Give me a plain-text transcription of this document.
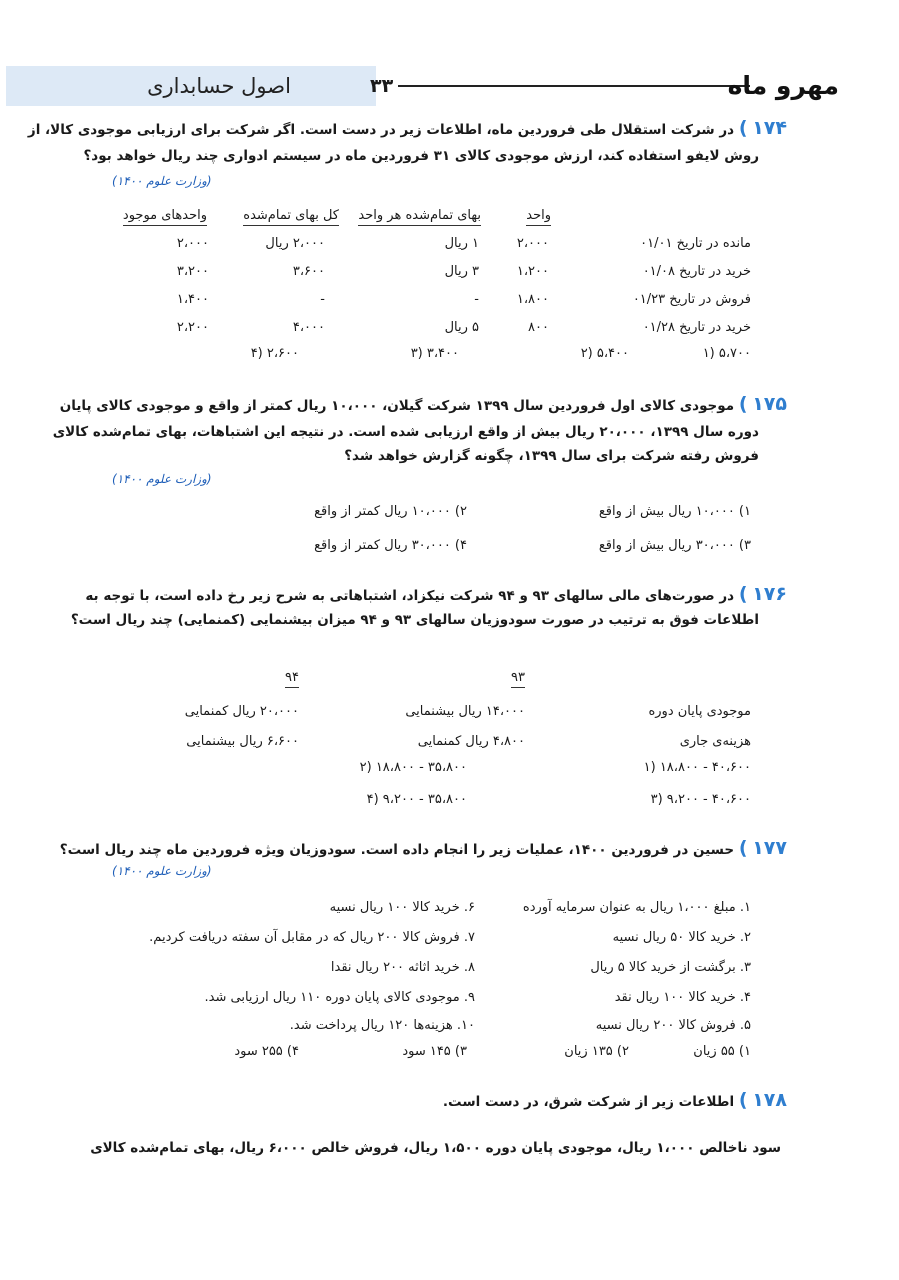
اصول حسابداری	۳۳	مهرو ماه
۱۷۴ ) در شرکت استقلال طی فروردین ماه، اطلاعات زیر در دست است. اگر شرکت برای ارزیابی موجودی کالا، از
روش لایفو استفاده کند، ارزش موجودی کالای ۳۱ فروردین ماه در سیستم ادواری چند ریال خواهد بود؟
(وزارت علوم ۱۴۰۰)
واحد
بهای تمام‌شده هر واحد
کل بهای تمام‌شده
واحدهای موجود
مانده در تاریخ ۰۱/۰۱
۲،۰۰۰
۱ ریال
۲،۰۰۰ ریال
۲،۰۰۰
خرید در تاریخ ۰۱/۰۸
۱،۲۰۰
۳ ریال
۳،۶۰۰
۳،۲۰۰
فروش در تاریخ ۰۱/۲۳
۱،۸۰۰
-
-
۱،۴۰۰
خرید در تاریخ ۰۱/۲۸
۸۰۰
۵ ریال
۴،۰۰۰
۲،۲۰۰
۱) ۵،۷۰۰
۲) ۵،۴۰۰
۳) ۳،۴۰۰
۴) ۲،۶۰۰
۱۷۵ ) موجودی کالای اول فروردین سال ۱۳۹۹ شرکت گیلان، ۱۰،۰۰۰ ریال کمتر از واقع و موجودی کالای پایان
دوره سال ۱۳۹۹، ۲۰،۰۰۰ ریال بیش از واقع ارزیابی شده است. در نتیجه این اشتباهات، بهای تمام‌شده کالای
فروش رفته شرکت برای سال ۱۳۹۹، چگونه گزارش خواهد شد؟
(وزارت علوم ۱۴۰۰)
۱) ۱۰،۰۰۰ ریال بیش از واقع
۲) ۱۰،۰۰۰ ریال کمتر از واقع
۳) ۳۰،۰۰۰ ریال بیش از واقع
۴) ۳۰،۰۰۰ ریال کمتر از واقع
۱۷۶ ) در صورت‌های مالی سالهای ۹۳ و ۹۴ شرکت نیکزاد، اشتباهاتی به شرح زیر رخ داده است، با توجه به
اطلاعات فوق به ترتیب در صورت سودوزیان سالهای ۹۳ و ۹۴ میزان بیشنمایی (کمنمایی) چند ریال است؟
۹۳
۹۴
موجودی پایان دوره
۱۴،۰۰۰ ریال بیشنمایی
۲۰،۰۰۰ ریال کمنمایی
هزینه‌ی جاری
۴،۸۰۰ ریال کمنمایی
۶،۶۰۰ ریال بیشنمایی
۱) ۱۸،۸۰۰ - ۴۰،۶۰۰
۲) ۱۸،۸۰۰ - ۳۵،۸۰۰
۳) ۹،۲۰۰ - ۴۰،۶۰۰
۴) ۹،۲۰۰ - ۳۵،۸۰۰
۱۷۷ ) حسین در فروردین ۱۴۰۰، عملیات زیر را انجام داده است. سودوزیان ویژه فروردین ماه چند ریال است؟
(وزارت علوم ۱۴۰۰)
۱. مبلغ ۱،۰۰۰ ریال به عنوان سرمایه آورده
۲. خرید کالا ۵۰ ریال نسیه
۳. برگشت از خرید کالا ۵ ریال
۴. خرید کالا ۱۰۰ ریال نقد
۵. فروش کالا ۲۰۰ ریال نسیه
۶. خرید کالا ۱۰۰ ریال نسیه
۷. فروش کالا ۲۰۰ ریال که در مقابل آن سفته دریافت کردیم.
۸. خرید اثاثه ۲۰۰ ریال نقدا
۹. موجودی کالای پایان دوره ۱۱۰ ریال ارزیابی شد.
۱۰. هزینه‌ها ۱۲۰ ریال پرداخت شد.
۱) ۵۵ زیان
۲) ۱۳۵ زیان
۳) ۱۴۵ سود
۴) ۲۵۵ سود
۱۷۸ ) اطلاعات زیر از شرکت شرق، در دست است.
سود ناخالص ۱،۰۰۰ ریال، موجودی پایان دوره ۱،۵۰۰ ریال، فروش خالص ۶،۰۰۰ ریال، بهای تمام‌شده کالای
